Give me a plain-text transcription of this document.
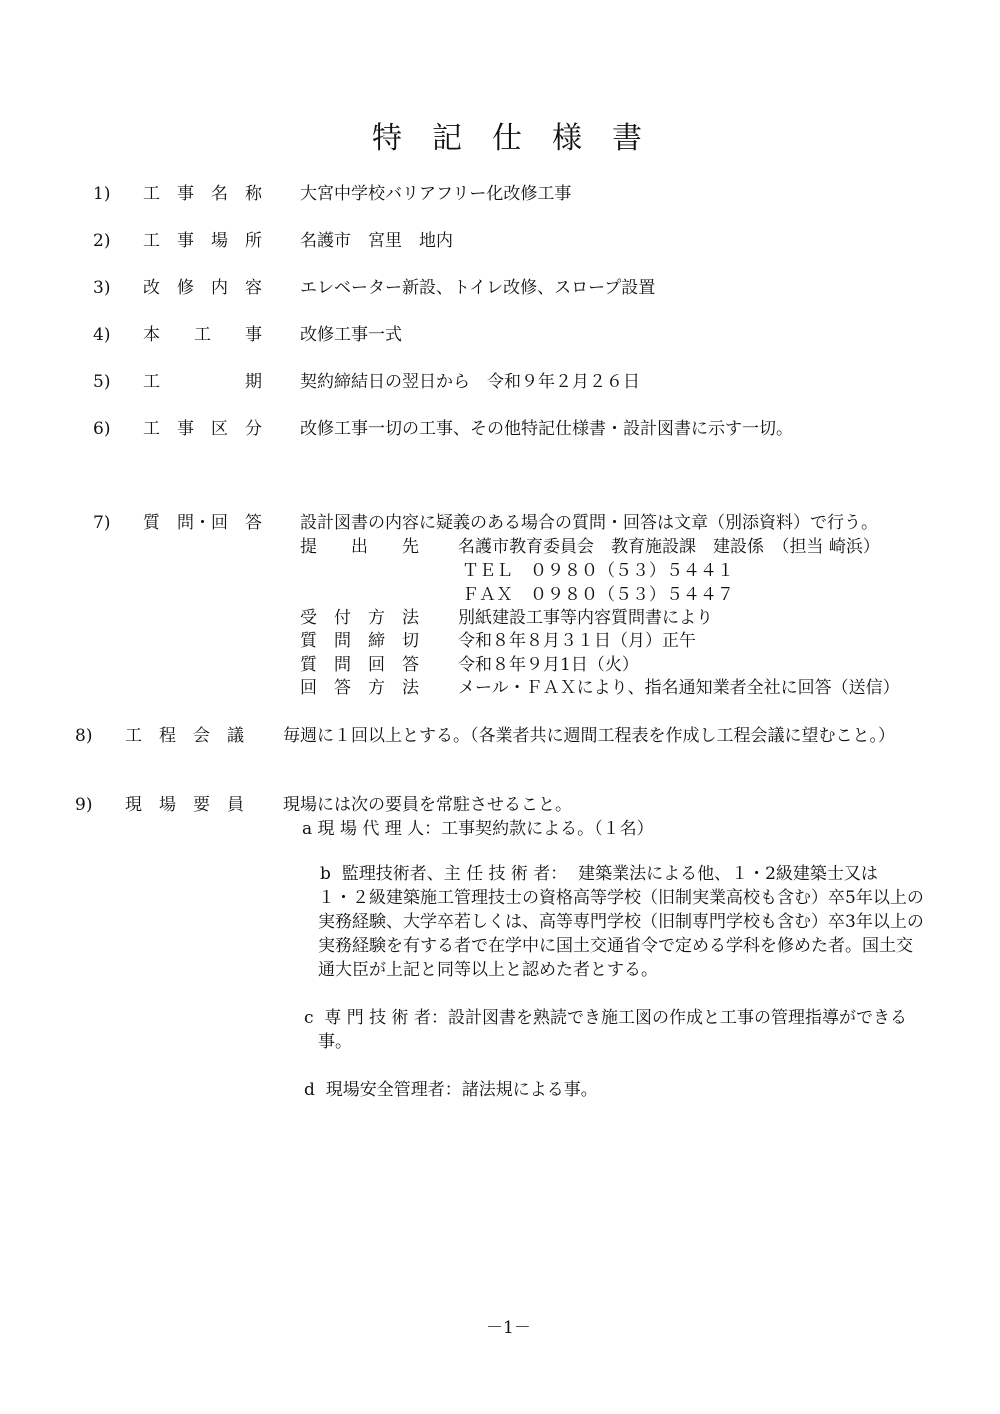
特　記　仕　様　書
1) 工　事　名　称 大宮中学校バリアフリー化改修工事
2) 工　事　場　所 名護市　宮里　地内
3) 改　修　内　容 エレベーター新設、トイレ改修、スロープ設置
4) 本　　工　　事 改修工事一式
5) 工　　　　　期 契約締結日の翌日から　令和９年２月２６日
6) 工　事　区　分 改修工事一切の工事、その他特記仕様書・設計図書に示す一切。
7) 質　問・回　答 設計図書の内容に疑義のある場合の質問・回答は文章（別添資料）で行う。
提　　出　　先 名護市教育委員会　教育施設課　建設係　（担当 崎浜）
ＴＥＬ　０９８０（５３）５４４１
ＦＡＸ　０９８０（５３）５４４７
受　付　方　法 別紙建設工事等内容質問書により
質　問　締　切 令和８年８月３１日（月）正午
質　問　回　答 令和８年９月1日（火）
回　答　方　法 メール・ＦＡＸにより、指名通知業者全社に回答（送信）
8) 工　程　会　議 毎週に１回以上とする。（各業者共に週間工程表を作成し工程会議に望むこと。）
9) 現　場　要　員 現場には次の要員を常駐させること。
a 現 場 代 理 人：工事契約款による。（１名）
b  監理技術者、主 任 技 術 者：  建築業法による他、１・2級建築士又は
１・２級建築施工管理技士の資格高等学校（旧制実業高校も含む）卒5年以上の
実務経験、大学卒若しくは、高等専門学校（旧制専門学校も含む）卒3年以上の
実務経験を有する者で在学中に国土交通省令で定める学科を修めた者。国土交
通大臣が上記と同等以上と認めた者とする。
c  専 門 技 術 者：設計図書を熟読でき施工図の作成と工事の管理指導ができる
事。
d  現場安全管理者：諸法規による事。
－1－
